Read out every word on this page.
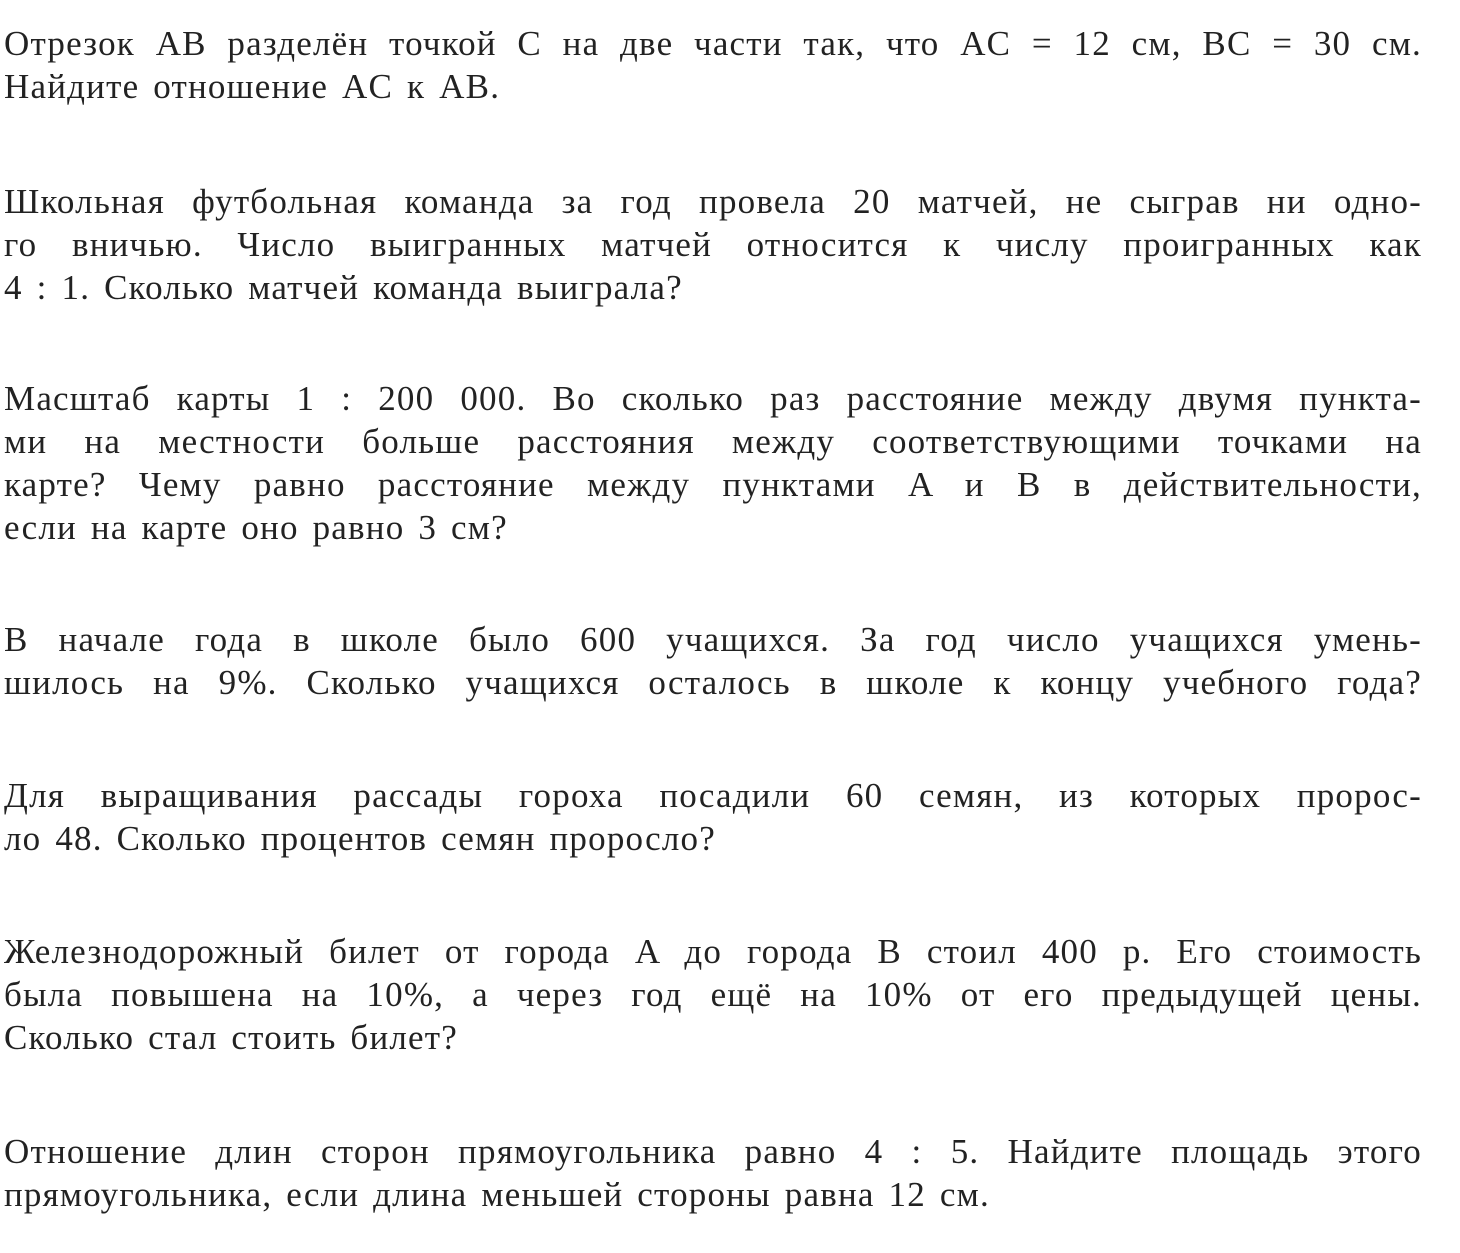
Отрезок AB разделён точкой C на две части так, что AC = 12 см, BC = 30 см.
Найдите отношение AC к AB.

Школьная футбольная команда за год провела 20 матчей, не сыграв ни одно-
го вничью. Число выигранных матчей относится к числу проигранных как
4 : 1. Сколько матчей команда выиграла?

Масштаб карты 1 : 200 000. Во сколько раз расстояние между двумя пункта-
ми на местности больше расстояния между соответствующими точками на
карте? Чему равно расстояние между пунктами A и B в действительности,
если на карте оно равно 3 см?

В начале года в школе было 600 учащихся. За год число учащихся умень-
шилось на 9%. Сколько учащихся осталось в школе к концу учебного года?

Для выращивания рассады гороха посадили 60 семян, из которых пророс-
ло 48. Сколько процентов семян проросло?

Железнодорожный билет от города A до города B стоил 400 р. Его стоимость
была повышена на 10%, а через год ещё на 10% от его предыдущей цены.
Сколько стал стоить билет?

Отношение длин сторон прямоугольника равно 4 : 5. Найдите площадь этого
прямоугольника, если длина меньшей стороны равна 12 см.
